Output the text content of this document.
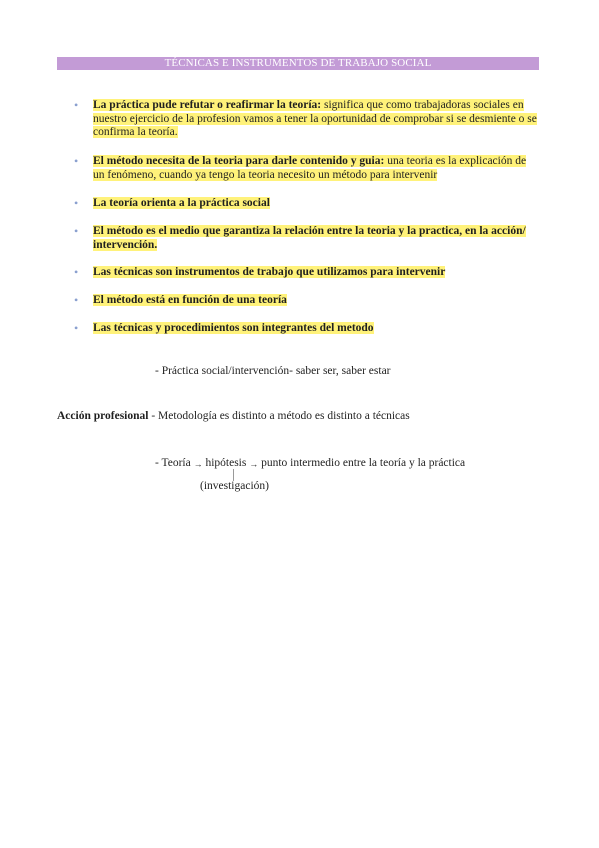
TÉCNICAS E INSTRUMENTOS DE TRABAJO SOCIAL
• La práctica pude refutar o reafirmar la teoría: significa que como trabajadoras sociales en nuestro ejercicio de la profesion vamos a tener la oportunidad de comprobar si se desmiente o se confirma la teoría.
• El método necesita de la teoria para darle contenido y guia: una teoria es la explicación de un fenómeno, cuando ya tengo la teoria necesito un método para intervenir
• La teoría orienta a la práctica social
• El método es el medio que garantiza la relación entre la teoria y la practica, en la acción/ intervención.
• Las técnicas son instrumentos de trabajo que utilizamos para intervenir
• El método está en función de una teoría
• Las técnicas y procedimientos son integrantes del metodo
- Práctica social/intervención- saber ser, saber estar
Acción profesional - Metodología es distinto a método es distinto a técnicas
- Teoría → hipótesis → punto intermedio entre la teoría y la práctica
(investigación)
